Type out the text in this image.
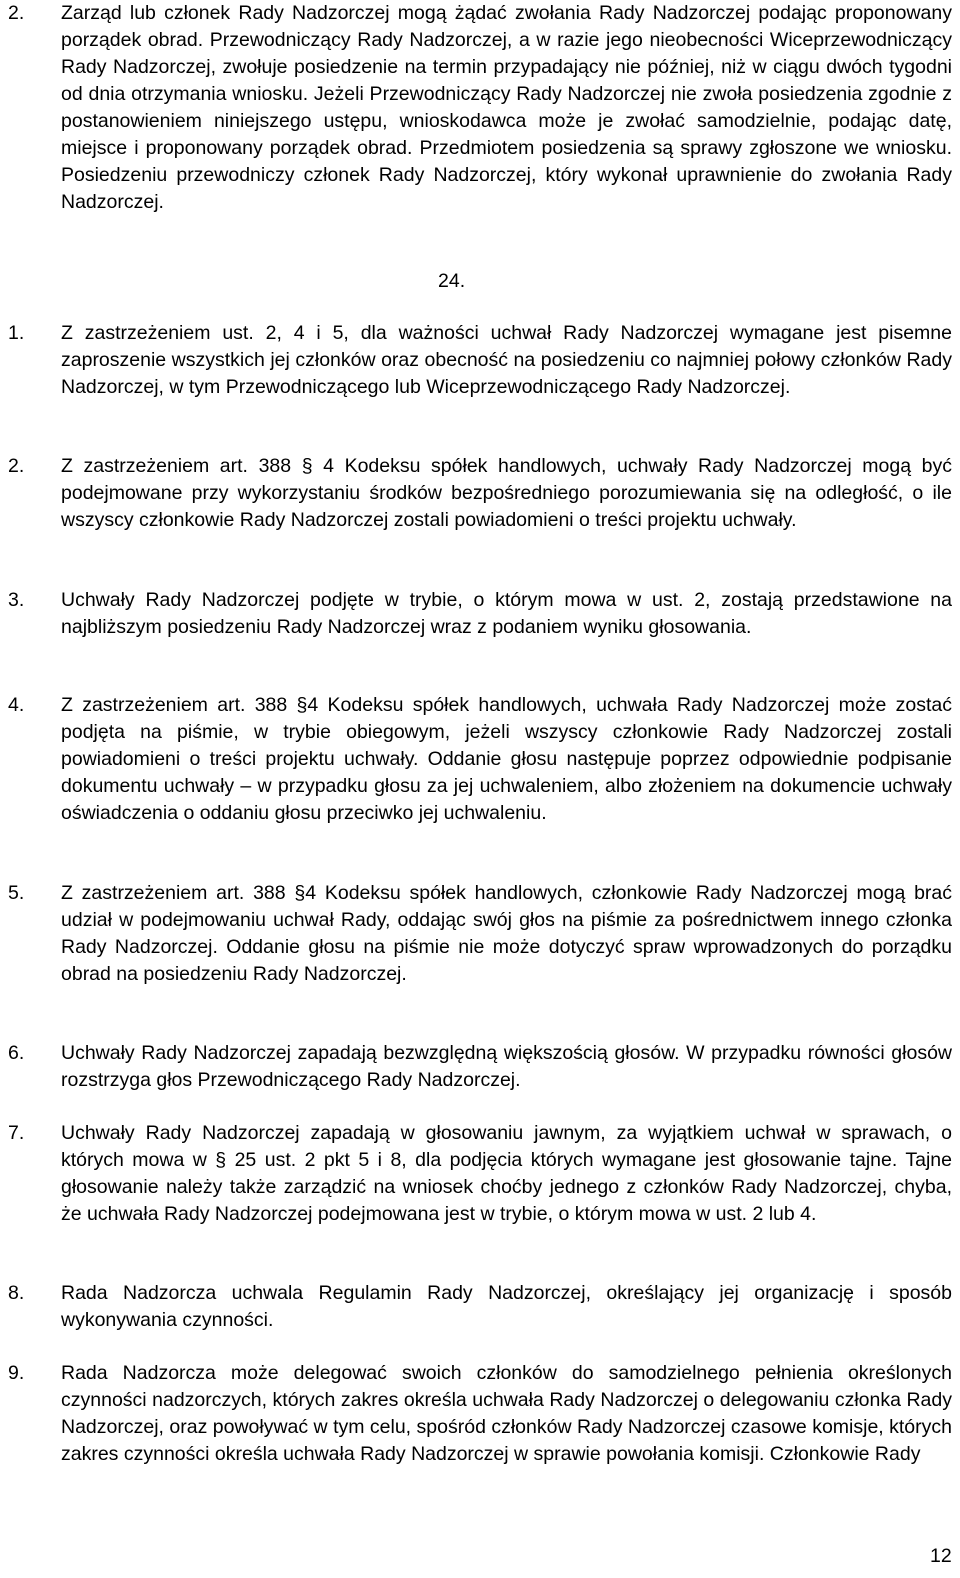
2. Zarząd lub członek Rady Nadzorczej mogą żądać zwołania Rady Nadzorczej podając proponowany porządek obrad. Przewodniczący Rady Nadzorczej, a w razie jego nieobecności Wiceprzewodniczący Rady Nadzorczej, zwołuje posiedzenie na termin przypadający nie później, niż w ciągu dwóch tygodni od dnia otrzymania wniosku. Jeżeli Przewodniczący Rady Nadzorczej nie zwoła posiedzenia zgodnie z postanowieniem niniejszego ustępu, wnioskodawca może je zwołać samodzielnie, podając datę, miejsce i proponowany porządek obrad. Przedmiotem posiedzenia są sprawy zgłoszone we wniosku. Posiedzeniu przewodniczy członek Rady Nadzorczej, który wykonał uprawnienie do zwołania Rady Nadzorczej.
24.
1. Z zastrzeżeniem ust. 2, 4 i 5, dla ważności uchwał Rady Nadzorczej wymagane jest pisemne zaproszenie wszystkich jej członków oraz obecność na posiedzeniu co najmniej połowy członków Rady Nadzorczej, w tym Przewodniczącego lub Wiceprzewodniczącego Rady Nadzorczej.
2. Z zastrzeżeniem art. 388 § 4 Kodeksu spółek handlowych, uchwały Rady Nadzorczej mogą być podejmowane przy wykorzystaniu środków bezpośredniego porozumiewania się na odległość, o ile wszyscy członkowie Rady Nadzorczej zostali powiadomieni o treści projektu uchwały.
3. Uchwały Rady Nadzorczej podjęte w trybie, o którym mowa w ust. 2, zostają przedstawione na najbliższym posiedzeniu Rady Nadzorczej wraz z podaniem wyniku głosowania.
4. Z zastrzeżeniem art. 388 §4 Kodeksu spółek handlowych, uchwała Rady Nadzorczej może zostać podjęta na piśmie, w trybie obiegowym, jeżeli wszyscy członkowie Rady Nadzorczej zostali powiadomieni o treści projektu uchwały. Oddanie głosu następuje poprzez odpowiednie podpisanie dokumentu uchwały – w przypadku głosu za jej uchwaleniem, albo złożeniem na dokumencie uchwały oświadczenia o oddaniu głosu przeciwko jej uchwaleniu.
5. Z zastrzeżeniem art. 388 §4 Kodeksu spółek handlowych, członkowie Rady Nadzorczej mogą brać udział w podejmowaniu uchwał Rady, oddając swój głos na piśmie za pośrednictwem innego członka Rady Nadzorczej. Oddanie głosu na piśmie nie może dotyczyć spraw wprowadzonych do porządku obrad na posiedzeniu Rady Nadzorczej.
6. Uchwały Rady Nadzorczej zapadają bezwzględną większością głosów. W przypadku równości głosów rozstrzyga głos Przewodniczącego Rady Nadzorczej.
7. Uchwały Rady Nadzorczej zapadają w głosowaniu jawnym, za wyjątkiem uchwał w sprawach, o których mowa w § 25 ust. 2 pkt 5 i 8, dla podjęcia których wymagane jest głosowanie tajne. Tajne głosowanie należy także zarządzić na wniosek choćby jednego z członków Rady Nadzorczej, chyba, że uchwała Rady Nadzorczej podejmowana jest w trybie, o którym mowa w ust. 2 lub 4.
8. Rada Nadzorcza uchwala Regulamin Rady Nadzorczej, określający jej organizację i sposób wykonywania czynności.
9. Rada Nadzorcza może delegować swoich członków do samodzielnego pełnienia określonych czynności nadzorczych, których zakres określa uchwała Rady Nadzorczej o delegowaniu członka Rady Nadzorczej, oraz powoływać w tym celu, spośród członków Rady Nadzorczej czasowe komisje, których zakres czynności określa uchwała Rady Nadzorczej w sprawie powołania komisji. Członkowie Rady
12
